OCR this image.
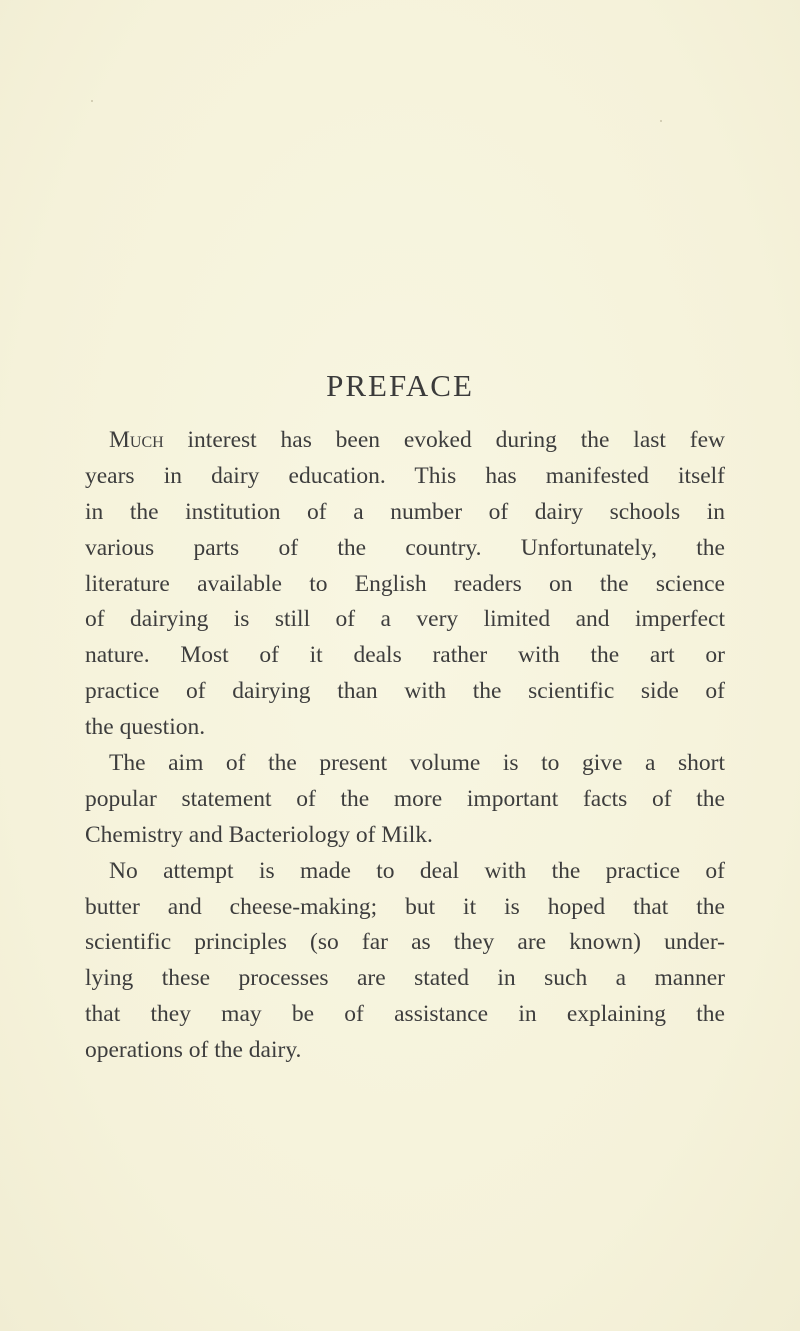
PREFACE
Much interest has been evoked during the last few
years in dairy education. This has manifested itself
in the institution of a number of dairy schools in
various parts of the country. Unfortunately, the
literature available to English readers on the science
of dairying is still of a very limited and imperfect
nature. Most of it deals rather with the art or
practice of dairying than with the scientific side of
the question.
The aim of the present volume is to give a short
popular statement of the more important facts of the
Chemistry and Bacteriology of Milk.
No attempt is made to deal with the practice of
butter and cheese-making; but it is hoped that the
scientific principles (so far as they are known) under-
lying these processes are stated in such a manner
that they may be of assistance in explaining the
operations of the dairy.
